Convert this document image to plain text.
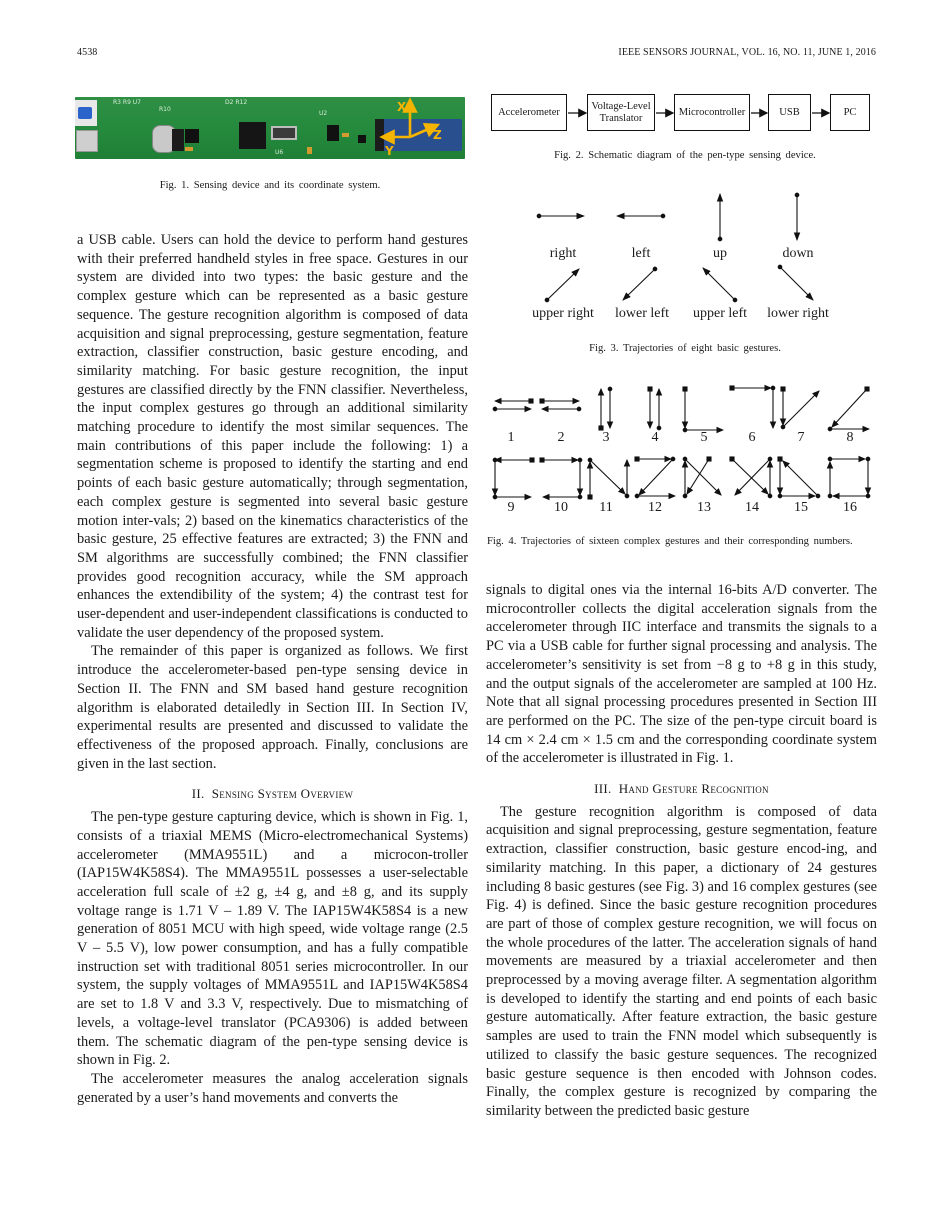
4538	IEEE SENSORS JOURNAL, VOL. 16, NO. 11, JUNE 1, 2016
X
Y
Z
R3 R9 U7
R10
D2 R12
U2
U6
Fig. 1. Sensing device and its coordinate system.
Accelerometer
Voltage-Level Translator
Microcontroller	USB	PC
Fig. 2. Schematic diagram of the pen-type sensing device.
right	left	up	down
upper right	lower left	upper left	lower right
Fig. 3. Trajectories of eight basic gestures.
1	2	3	4	5	6	7	8
9	10	11	12	13	14	15	16
Fig. 4. Trajectories of sixteen complex gestures and their corresponding numbers.

a USB cable. Users can hold the device to perform hand gestures with their preferred handheld styles in free space. Gestures in our system are divided into two types: the basic gesture and the complex gesture which can be represented as a basic gesture sequence. The gesture recognition algorithm is composed of data acquisition and signal preprocessing, gesture segmentation, feature extraction, classifier construction, basic gesture encoding, and similarity matching. For basic gesture recognition, the input gestures are classified directly by the FNN classifier. Nevertheless, the input complex gestures go through an additional similarity matching procedure to identify the most similar sequences. The main contributions of this paper include the following: 1) a segmentation scheme is proposed to identify the starting and end points of each basic gesture automatically; through segmentation, each complex gesture is segmented into several basic gesture motion inter-vals; 2) based on the kinematics characteristics of the basic gesture, 25 effective features are extracted; 3) the FNN and SM algorithms are successfully combined; the FNN classifier provides good recognition accuracy, while the SM approach enhances the extendibility of the system; 4) the contrast test for user-dependent and user-independent classifications is conducted to validate the user dependency of the proposed system.

The remainder of this paper is organized as follows. We first introduce the accelerometer-based pen-type sensing device in Section II. The FNN and SM based hand gesture recognition algorithm is elaborated detailedly in Section III. In Section IV, experimental results are presented and discussed to validate the effectiveness of the proposed approach. Finally, conclusions are given in the last section.

II. Sensing System Overview

The pen-type gesture capturing device, which is shown in Fig. 1, consists of a triaxial MEMS (Micro-electromechanical Systems) accelerometer (MMA9551L) and a microcon-troller (IAP15W4K58S4). The MMA9551L possesses a user-selectable acceleration full scale of ±2 g, ±4 g, and ±8 g, and its supply voltage range is 1.71 V – 1.89 V. The IAP15W4K58S4 is a new generation of 8051 MCU with high speed, wide voltage range (2.5 V – 5.5 V), low power consumption, and has a fully compatible instruction set with traditional 8051 series microcontroller. In our system, the supply voltages of MMA9551L and IAP15W4K58S4 are set to 1.8 V and 3.3 V, respectively. Due to mismatching of levels, a voltage-level translator (PCA9306) is added between them. The schematic diagram of the pen-type sensing device is shown in Fig. 2.

The accelerometer measures the analog acceleration signals generated by a user’s hand movements and converts the

signals to digital ones via the internal 16-bits A/D converter. The microcontroller collects the digital acceleration signals from the accelerometer through IIC interface and transmits the signals to a PC via a USB cable for further signal processing and analysis. The accelerometer’s sensitivity is set from −8 g to +8 g in this study, and the output signals of the accelerometer are sampled at 100 Hz. Note that all signal processing procedures presented in Section III are performed on the PC. The size of the pen-type circuit board is 14 cm × 2.4 cm × 1.5 cm and the corresponding coordinate system of the accelerometer is illustrated in Fig. 1.

III. Hand Gesture Recognition

The gesture recognition algorithm is composed of data acquisition and signal preprocessing, gesture segmentation, feature extraction, classifier construction, basic gesture encod-ing, and similarity matching. In this paper, a dictionary of 24 gestures including 8 basic gestures (see Fig. 3) and 16 complex gestures (see Fig. 4) is defined. Since the basic gesture recognition procedures are part of those of complex gesture recognition, we will focus on the whole procedures of the latter. The acceleration signals of hand movements are measured by a triaxial accelerometer and then preprocessed by a moving average filter. A segmentation algorithm is developed to identify the starting and end points of each basic gesture automatically. After feature extraction, the basic gesture samples are used to train the FNN model which subsequently is utilized to classify the basic gesture sequences. The recognized basic gesture sequence is then encoded with Johnson codes. Finally, the complex gesture is recognized by comparing the similarity between the predicted basic gesture
